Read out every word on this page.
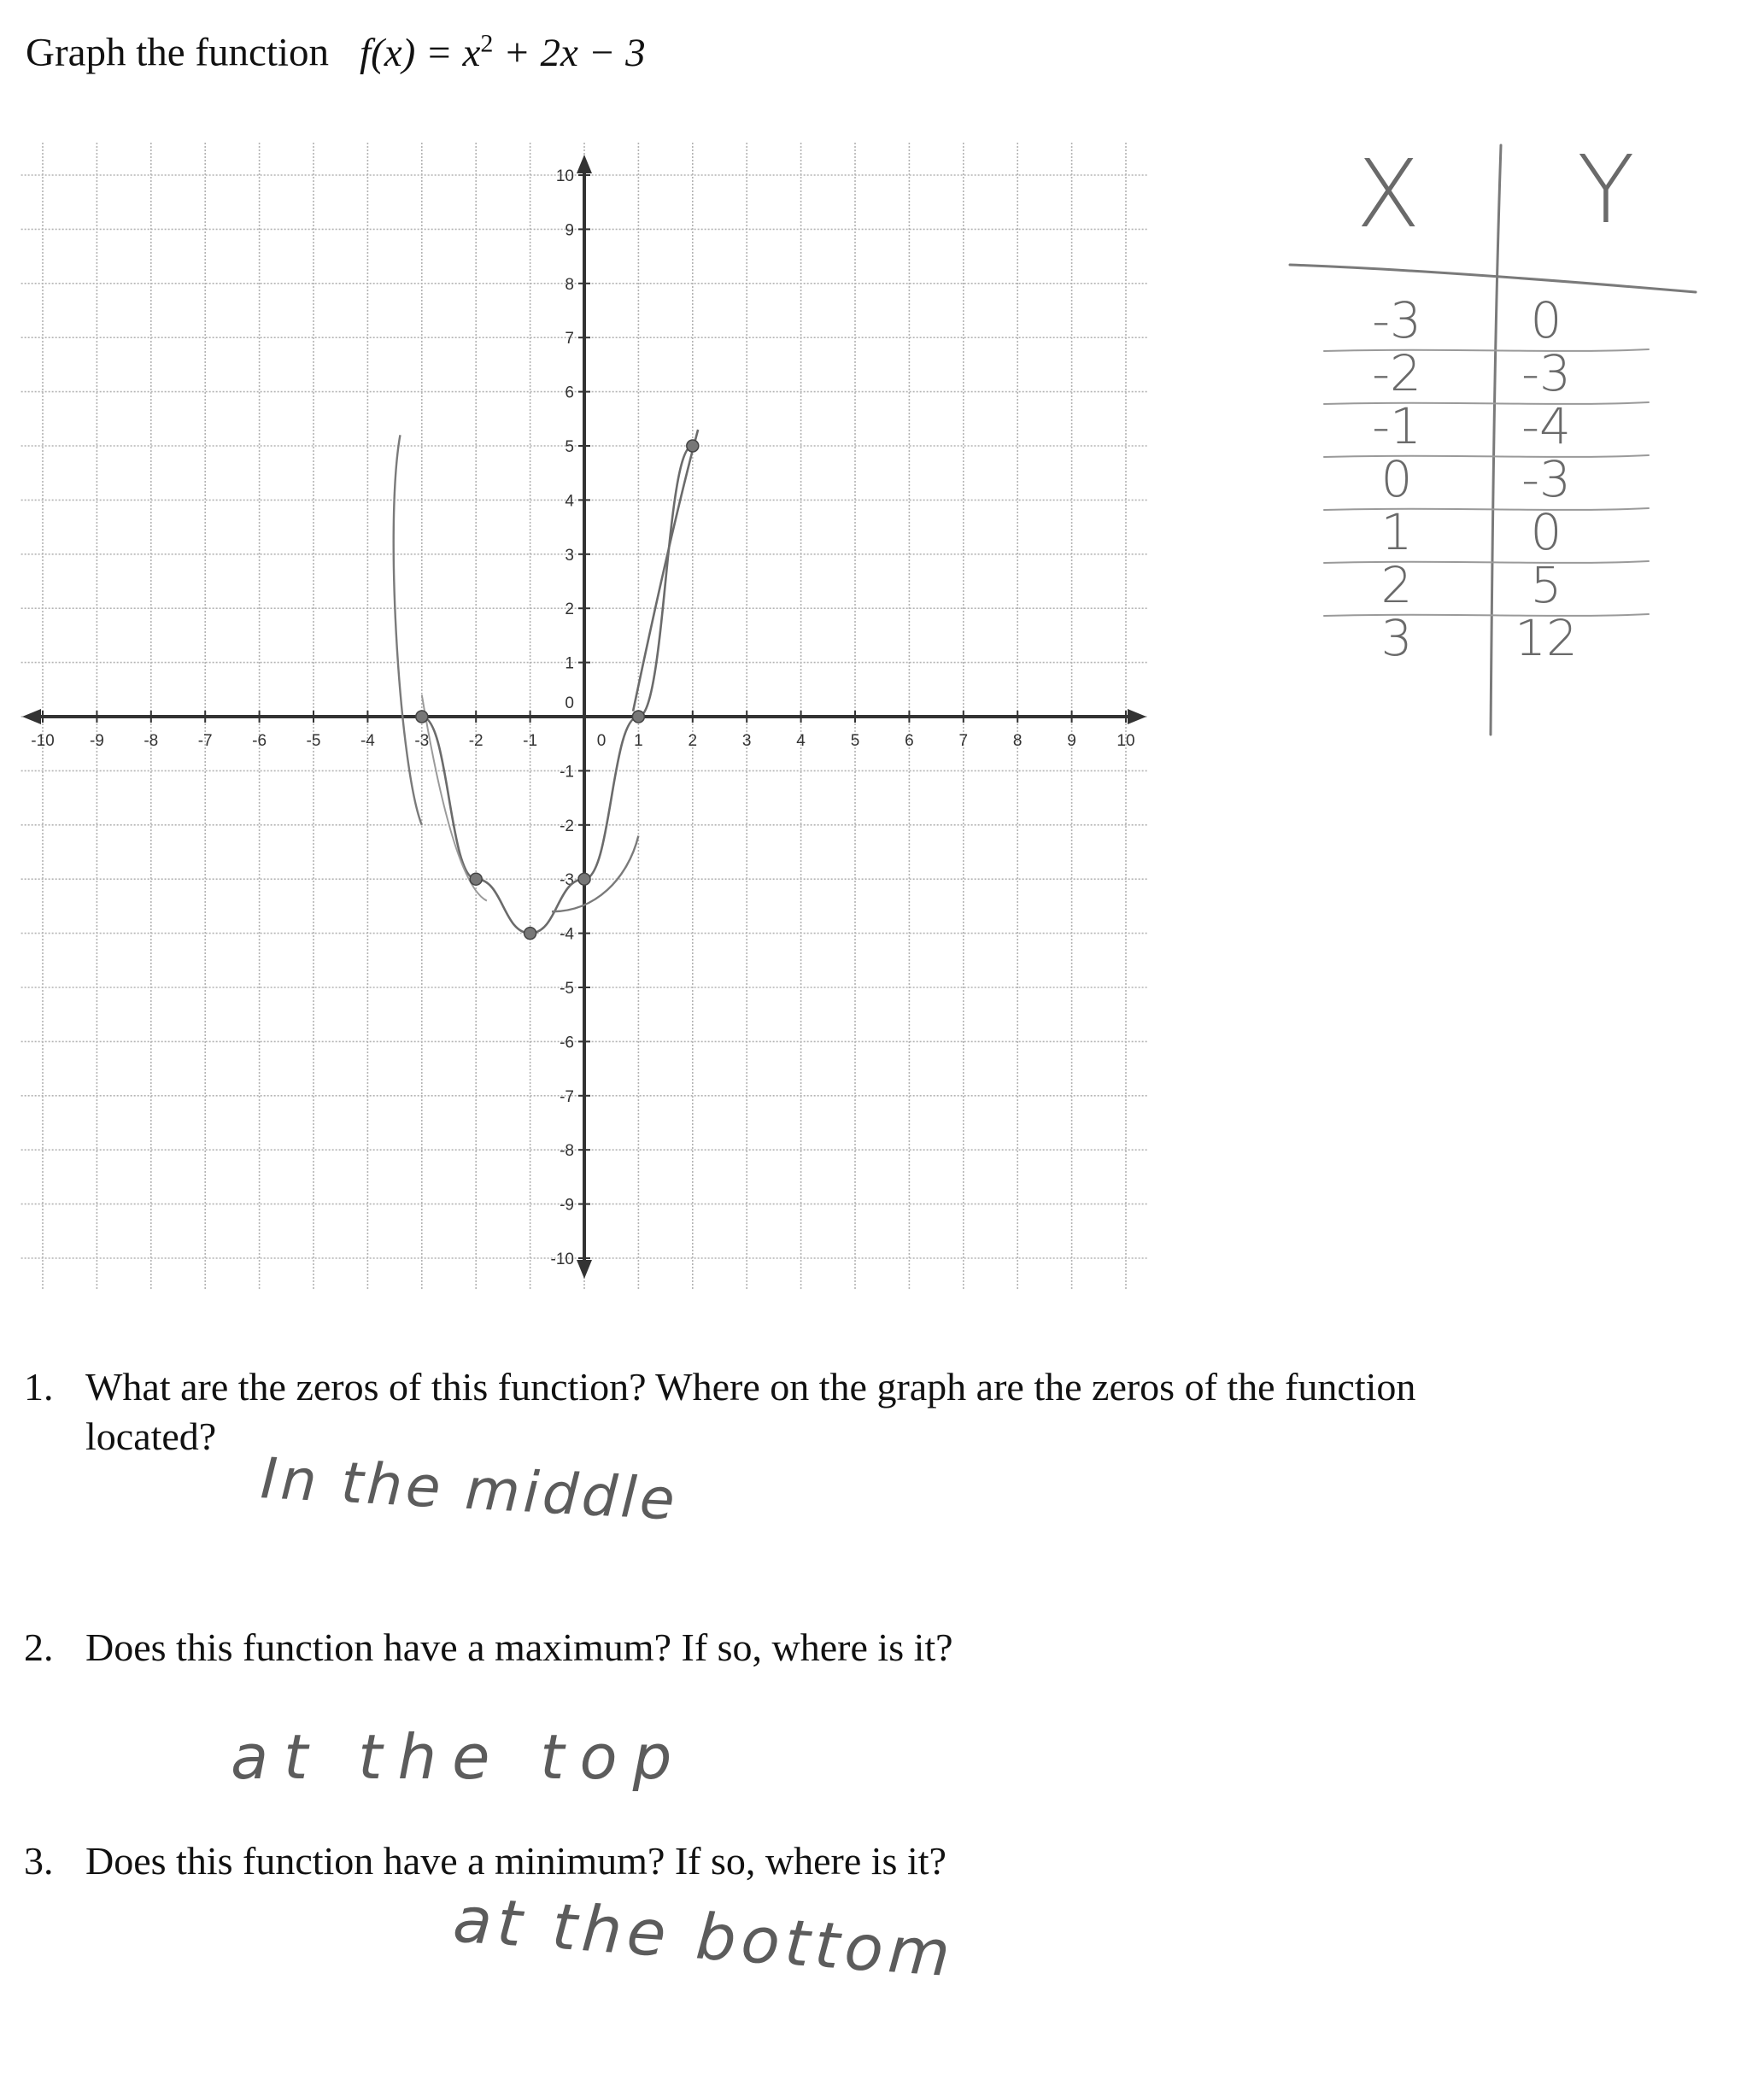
Graph the function $f(x) = x^2 + 2x - 3$
-10 -9 -8 -7 -6 -5 -4 -3 -2 -1	0 1	2	3	4	5	6	7	8	9	10
10
9
8
7
6
5
4
3
2
1
0
-1
-2
-3
-4
-5
-6
-7
-8
-9
-10
X Y
-3 0
-2 -3
-1 -4
0 -3
1 0
2 5
3 12
1. What are the zeros of this function? Where on the graph are the zeros of the function located?
In the middle
2. Does this function have a maximum? If so, where is it?
at the top
3. Does this function have a minimum? If so, where is it?
at the bottom
